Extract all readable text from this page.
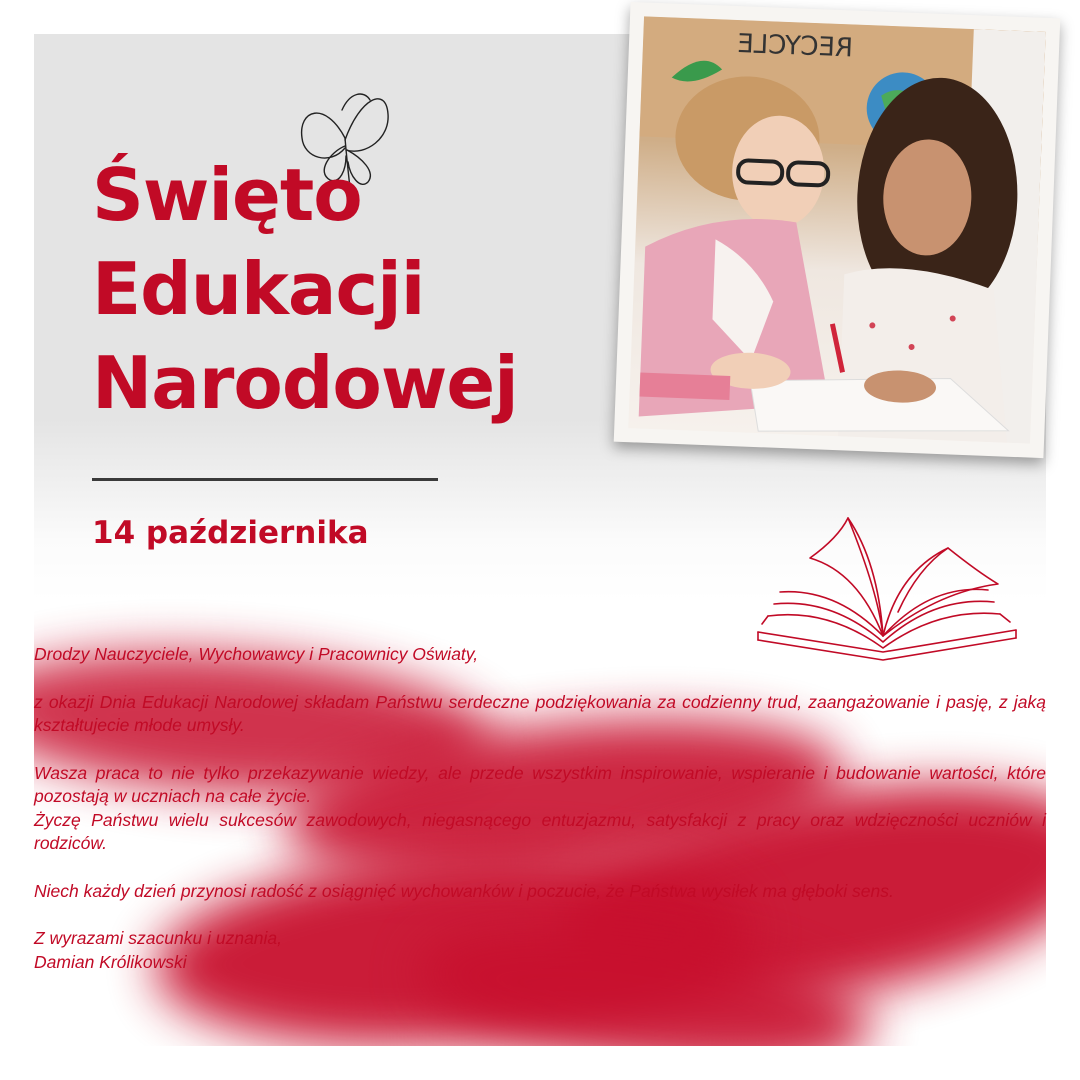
Święto
Edukacji
Narodowej
14 października
RECYCLE

Drodzy Nauczyciele, Wychowawcy i Pracownicy Oświaty,

z okazji Dnia Edukacji Narodowej składam Państwu serdeczne podziękowania za codzienny trud, zaangażowanie i pasję, z jaką kształtujecie młode umysły.

Wasza praca to nie tylko przekazywanie wiedzy, ale przede wszystkim inspirowanie, wspieranie i budowanie wartości, które pozostają w uczniach na całe życie.

Życzę Państwu wielu sukcesów zawodowych, niegasnącego entuzjazmu, satysfakcji z pracy oraz wdzięczności uczniów i rodziców.

Niech każdy dzień przynosi radość z osiągnięć wychowanków i poczucie, że Państwa wysiłek ma głęboki sens.

Z wyrazami szacunku i uznania,

Damian Królikowski
